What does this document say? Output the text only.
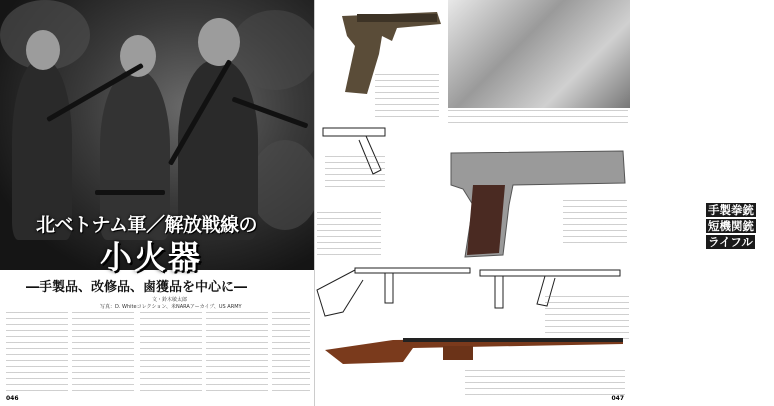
北ベトナム軍／解放戦線の
小火器
―手製品、改修品、鹵獲品を中心に―
文・鈴木敏太郎
写真：D. Whiteコレクション、米NARAアーカイブ、US ARMY
046
手製拳銃
短機関銃
ライフル
047
